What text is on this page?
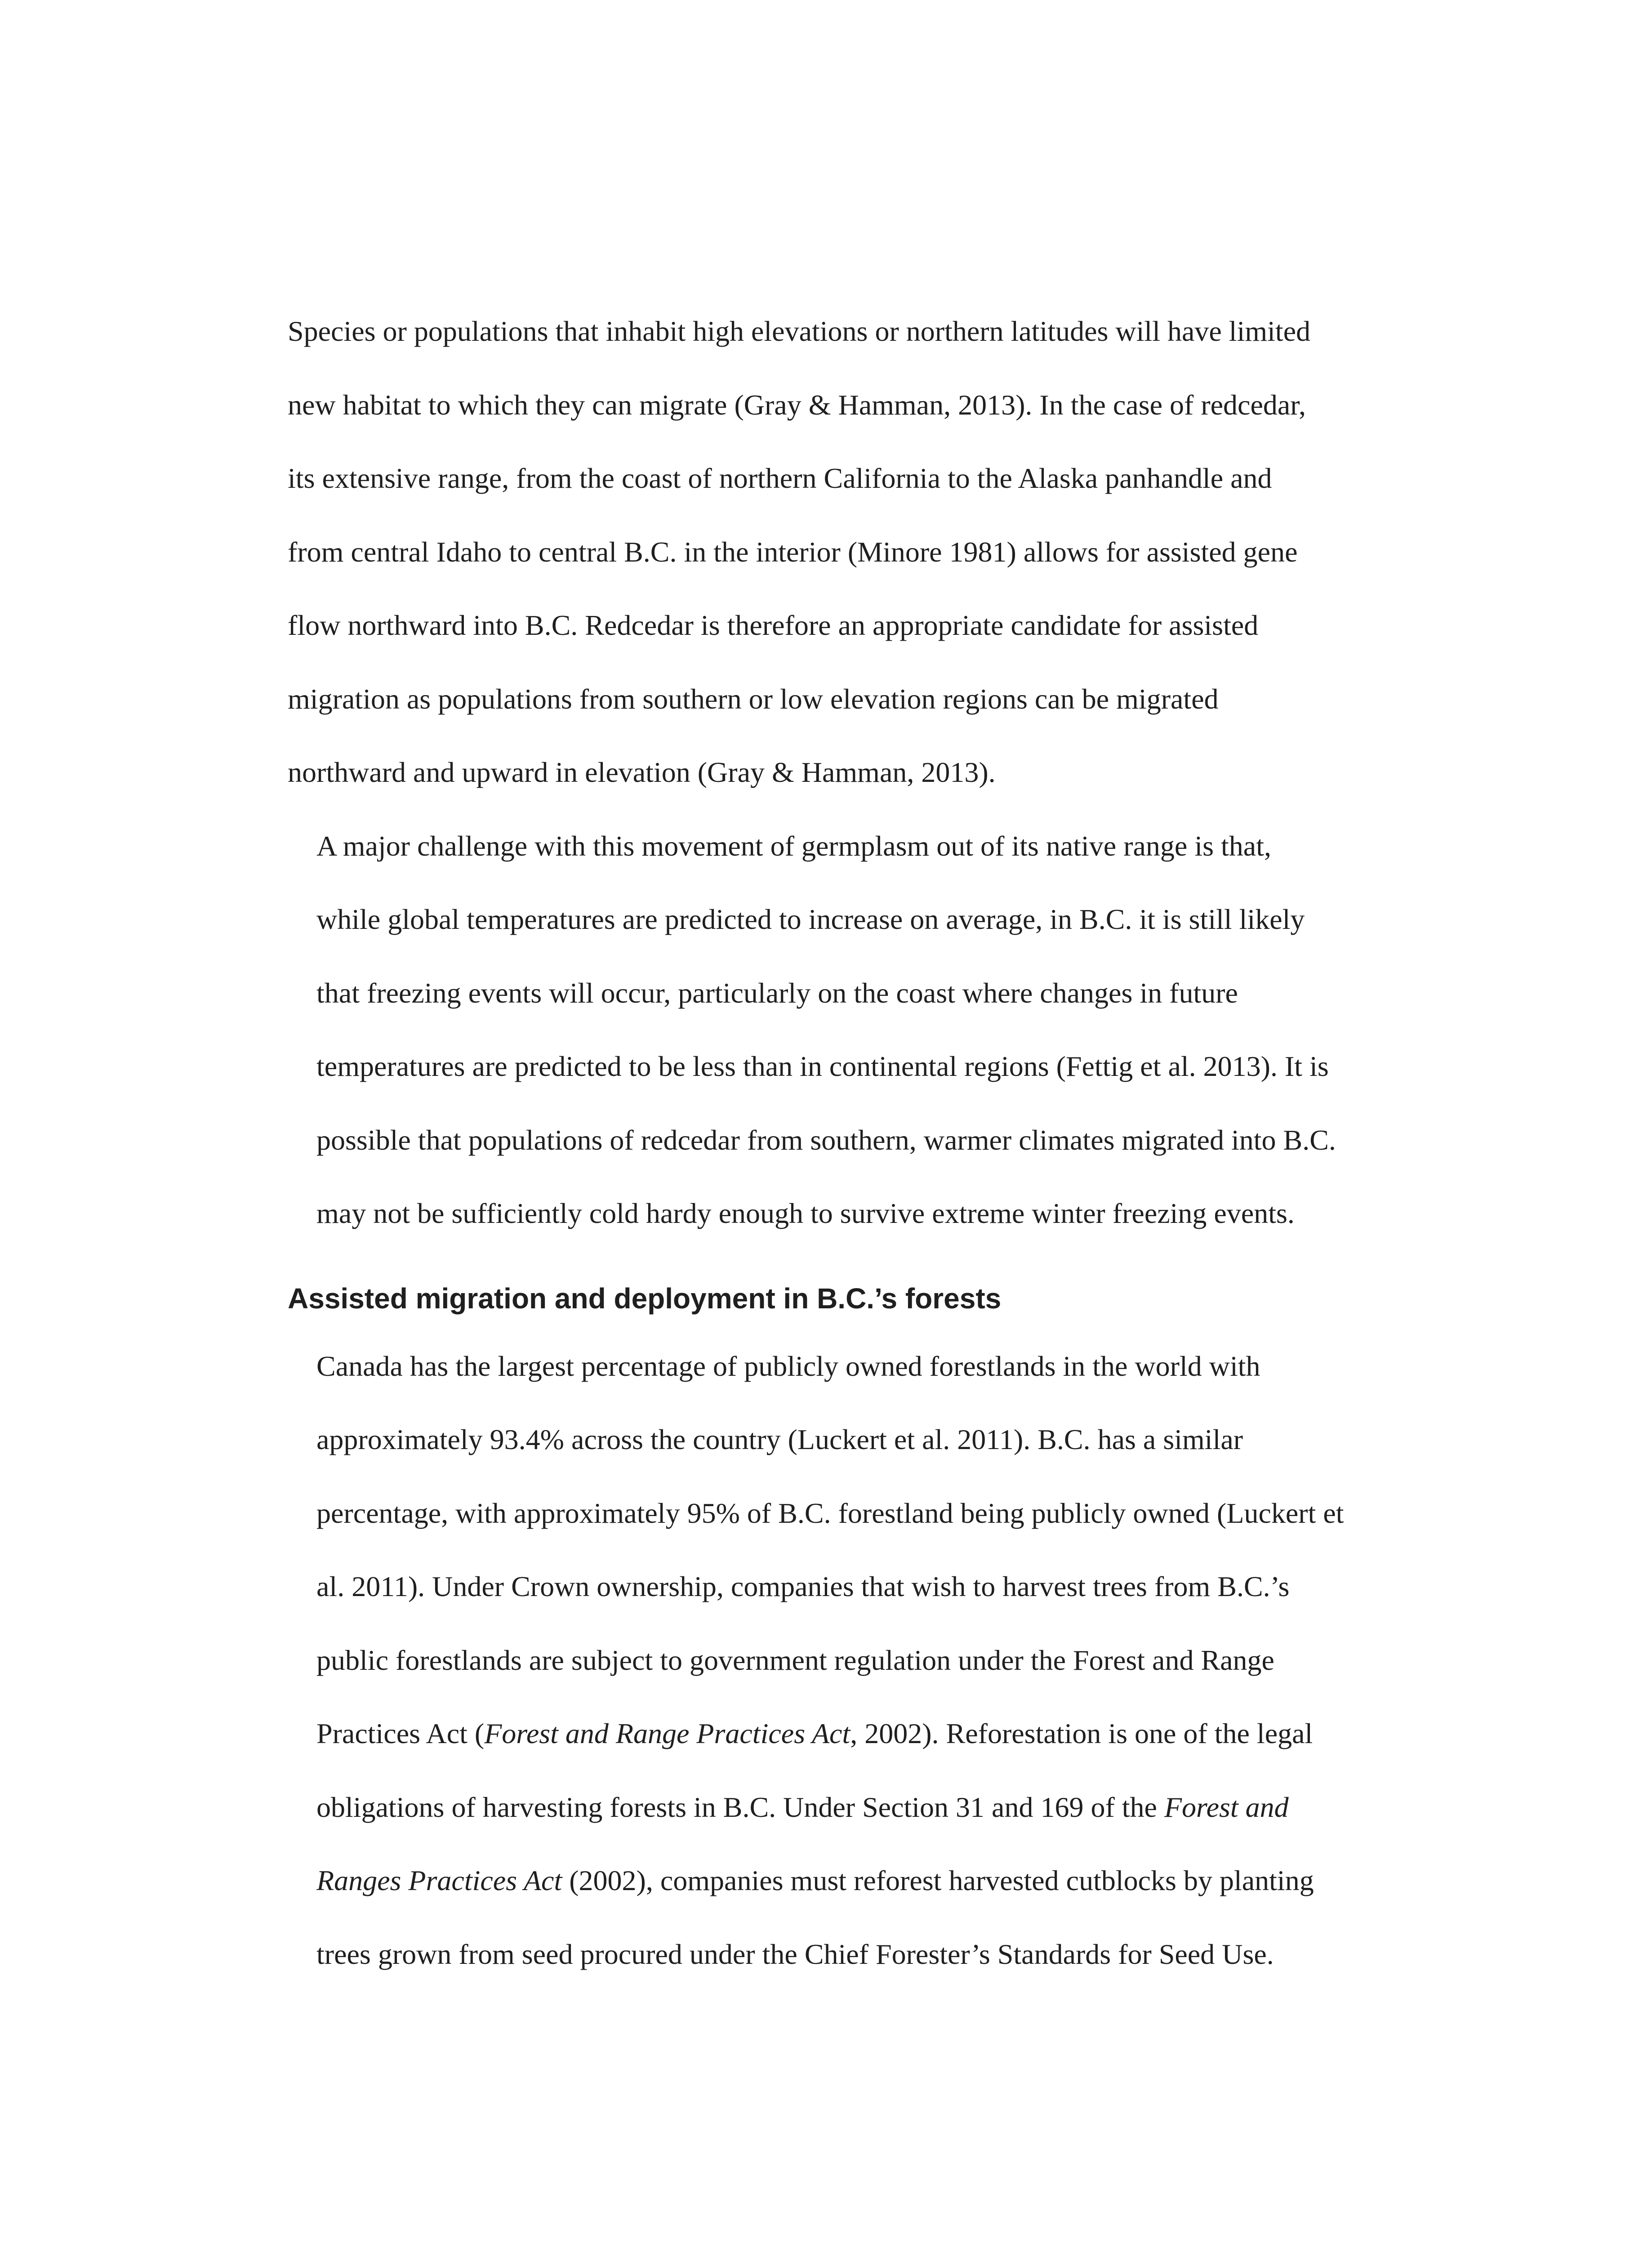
Species or populations that inhabit high elevations or northern latitudes will have limited
new habitat to which they can migrate (Gray & Hamman, 2013). In the case of redcedar,
its extensive range, from the coast of northern California to the Alaska panhandle and
from central Idaho to central B.C. in the interior (Minore 1981) allows for assisted gene
flow northward into B.C. Redcedar is therefore an appropriate candidate for assisted
migration as populations from southern or low elevation regions can be migrated
northward and upward in elevation (Gray & Hamman, 2013).

A major challenge with this movement of germplasm out of its native range is that,
while global temperatures are predicted to increase on average, in B.C. it is still likely
that freezing events will occur, particularly on the coast where changes in future
temperatures are predicted to be less than in continental regions (Fettig et al. 2013). It is
possible that populations of redcedar from southern, warmer climates migrated into B.C.
may not be sufficiently cold hardy enough to survive extreme winter freezing events.

Assisted migration and deployment in B.C.’s forests

Canada has the largest percentage of publicly owned forestlands in the world with
approximately 93.4% across the country (Luckert et al. 2011). B.C. has a similar
percentage, with approximately 95% of B.C. forestland being publicly owned (Luckert et
al. 2011). Under Crown ownership, companies that wish to harvest trees from B.C.’s
public forestlands are subject to government regulation under the Forest and Range
Practices Act (Forest and Range Practices Act, 2002). Reforestation is one of the legal
obligations of harvesting forests in B.C. Under Section 31 and 169 of the Forest and
Ranges Practices Act (2002), companies must reforest harvested cutblocks by planting
trees grown from seed procured under the Chief Forester’s Standards for Seed Use.
